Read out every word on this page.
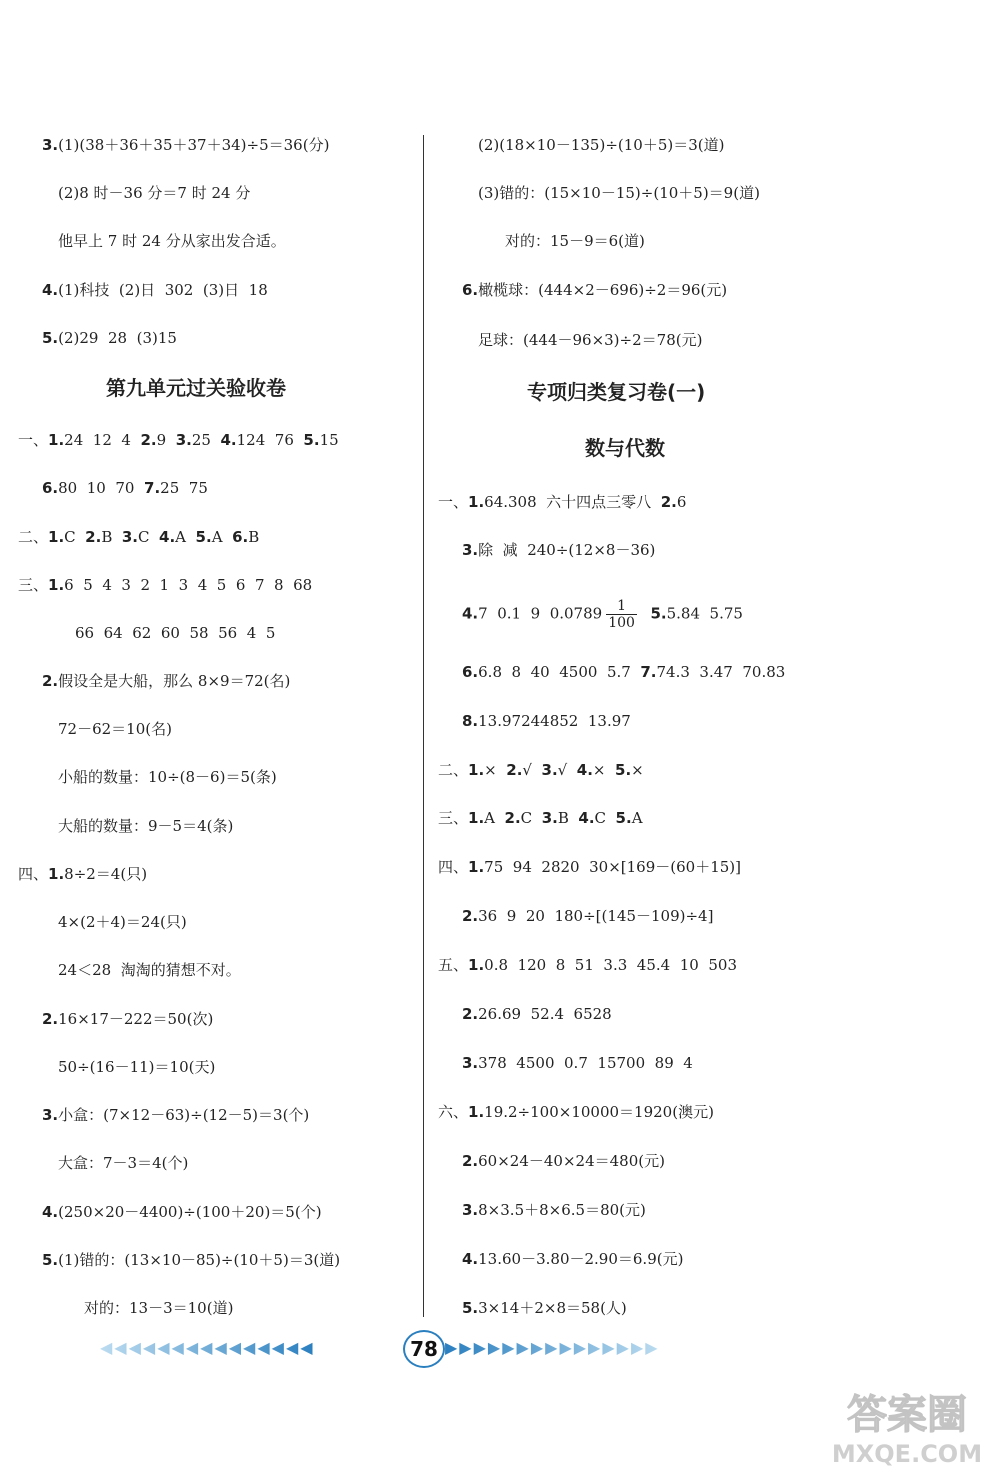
3.(1)(38＋36＋35＋37＋34)÷5＝36(分)
(2)8 时－36 分＝7 时 24 分
他早上 7 时 24 分从家出发合适。
4.(1)科技  (2)日  302  (3)日  18
5.(2)29  28  (3)15
第九单元过关验收卷
一、1.24  12  4  2.9  3.25  4.124  76  5.15
6.80  10  70  7.25  75
二、1.C  2.B  3.C  4.A  5.A  6.B
三、1.6  5  4  3  2  1  3  4  5  6  7  8  68
66  64  62  60  58  56  4  5
2.假设全是大船，那么 8×9＝72(名)
72－62＝10(名)
小船的数量：10÷(8－6)＝5(条)
大船的数量：9－5＝4(条)
四、1.8÷2＝4(只)
4×(2＋4)＝24(只)
24＜28  淘淘的猜想不对。
2.16×17－222＝50(次)
50÷(16－11)＝10(天)
3.小盒：(7×12－63)÷(12－5)＝3(个)
大盒：7－3＝4(个)
4.(250×20－4400)÷(100＋20)＝5(个)
5.(1)错的：(13×10－85)÷(10＋5)＝3(道)
对的：13－3＝10(道)
(2)(18×10－135)÷(10＋5)＝3(道)
(3)错的：(15×10－15)÷(10＋5)＝9(道)
对的：15－9＝6(道)
6.橄榄球：(444×2－696)÷2＝96(元)
足球：(444－96×3)÷2＝78(元)
专项归类复习卷(一)
数与代数
一、1.64.308  六十四点三零八  2.6
3.除  减  240÷(12×8－36)
4.7  0.1  9  $0.0789 \frac{1}{100} 5.5.84$  5.75
6.6.8  8  40  4500  5.7  7.74.3  3.47  70.83
8.13.97244852  13.97
二、1.×  2.√  3.√  4.×  5.×
三、1.A  2.C  3.B  4.C  5.A
四、1.75  94  2820  30×[169－(60＋15)]
2.36  9  20  180÷[(145－109)÷4]
五、1.0.8  120  8  51  3.3  45.4  10  503
2.26.69  52.4  6528
3.378  4500  0.7  15700  89  4
六、1.19.2÷100×10000＝1920(澳元)
2.60×24－40×24＝480(元)
3.8×3.5＋8×6.5＝80(元)
4.13.60－3.80－2.90＝6.9(元)
5.3×14＋2×8＝58(人)
◀◀◀◀◀◀◀◀◀◀◀◀◀◀◀	78 ▶▶▶▶▶▶▶▶▶▶▶▶▶▶▶
答案圈
MXQE.COM
